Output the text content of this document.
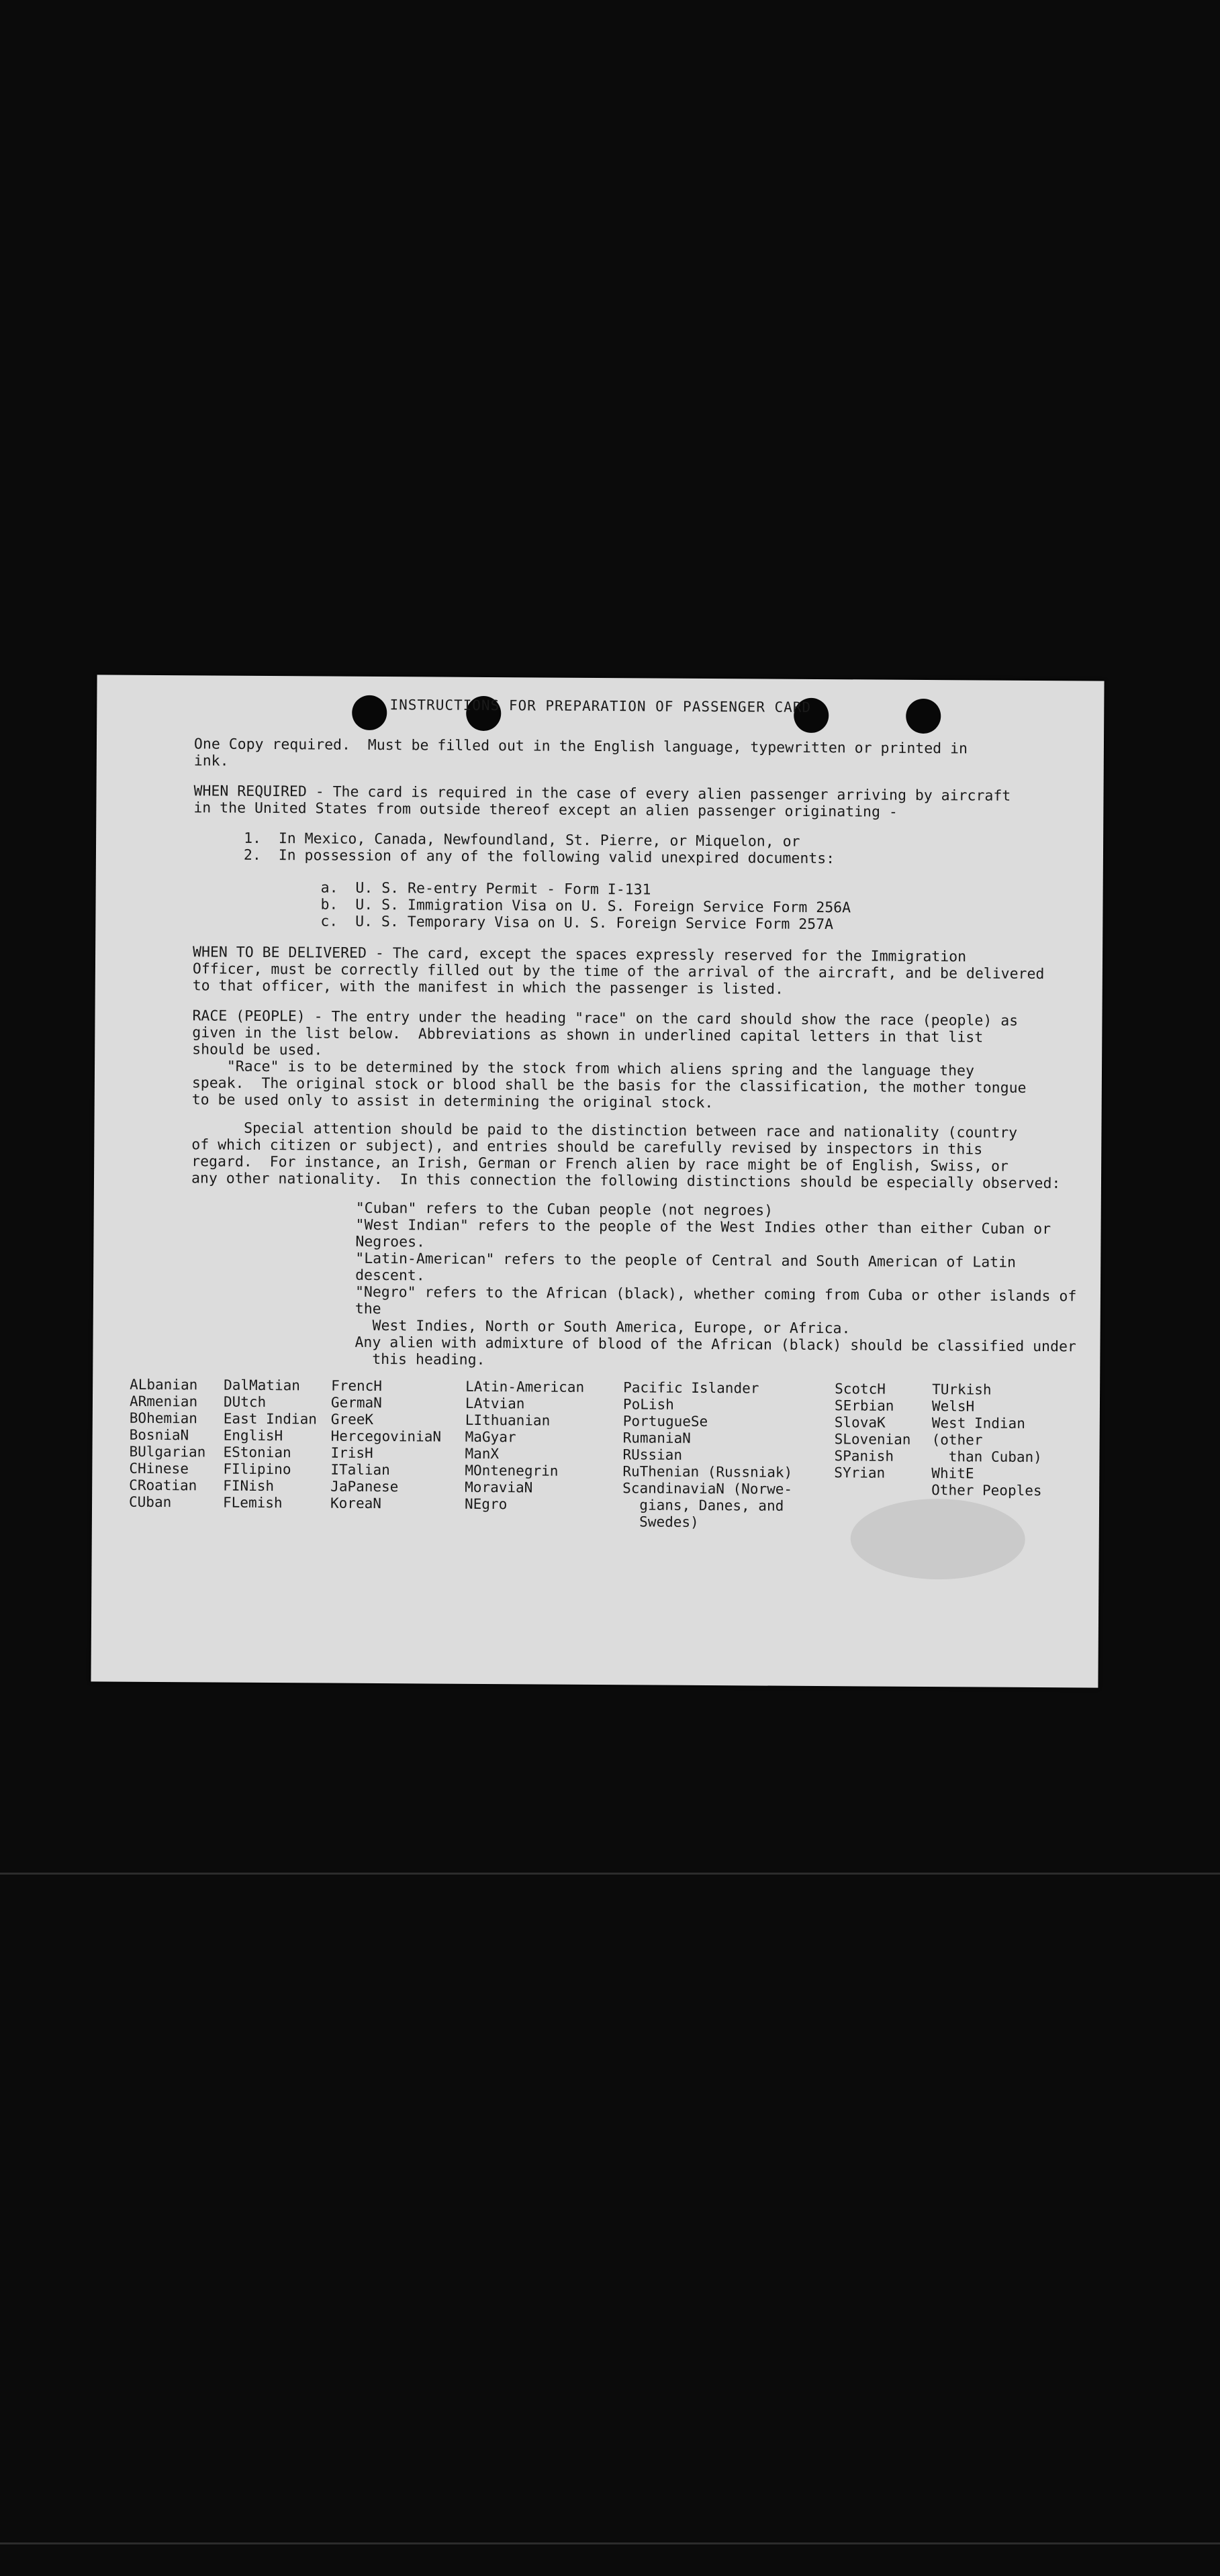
INSTRUCTIONS FOR PREPARATION OF PASSENGER CARD

One Copy required.  Must be filled out in the English language, typewritten or printed in
ink.

WHEN REQUIRED - The card is required in the case of every alien passenger arriving by aircraft
in the United States from outside thereof except an alien passenger originating -

1.  In Mexico, Canada, Newfoundland, St. Pierre, or Miquelon, or

2.  In possession of any of the following valid unexpired documents:

a.  U. S. Re-entry Permit - Form I-131

b.  U. S. Immigration Visa on U. S. Foreign Service Form 256A

c.  U. S. Temporary Visa on U. S. Foreign Service Form 257A

WHEN TO BE DELIVERED - The card, except the spaces expressly reserved for the Immigration
Officer, must be correctly filled out by the time of the arrival of the aircraft, and be delivered
to that officer, with the manifest in which the passenger is listed.

RACE (PEOPLE) - The entry under the heading "race" on the card should show the race (people) as
given in the list below.  Abbreviations as shown in underlined capital letters in that list
should be used.

"Race" is to be determined by the stock from which aliens spring and the language they
speak.  The original stock or blood shall be the basis for the classification, the mother tongue
to be used only to assist in determining the original stock.

Special attention should be paid to the distinction between race and nationality (country
of which citizen or subject), and entries should be carefully revised by inspectors in this
regard.  For instance, an Irish, German or French alien by race might be of English, Swiss, or
any other nationality.  In this connection the following distinctions should be especially observed:

"Cuban" refers to the Cuban people (not negroes)

"West Indian" refers to the people of the West Indies other than either Cuban or Negroes.

"Latin-American" refers to the people of Central and South American of Latin descent.

"Negro" refers to the African (black), whether coming from Cuba or other islands of the
West Indies, North or South America, Europe, or Africa.

Any alien with admixture of blood of the African (black) should be classified under
this heading.

ALbanian
ARmenian
BOhemian
BosniaN
BUlgarian
CHinese
CRoatian
CUban
DalMatian
DUtch
East Indian
EnglisH
EStonian
FIlipino
FINish
FLemish
FrencH
GermaN
GreeK
HercegoviniaN
IrisH
ITalian
JaPanese
KoreaN
LAtin-American
LAtvian
LIthuanian
MaGyar
ManX
MOntenegrin
MoraviaN
NEgro
Pacific Islander
PoLish
PortugueSe
RumaniaN
RUssian
RuThenian (Russniak)
ScandinaviaN (Norwe-
gians, Danes, and
Swedes)
ScotcH
SErbian
SlovaK
SLovenian
SPanish
SYrian
TUrkish
WelsH
West Indian (other
than Cuban)
WhitE
Other Peoples
